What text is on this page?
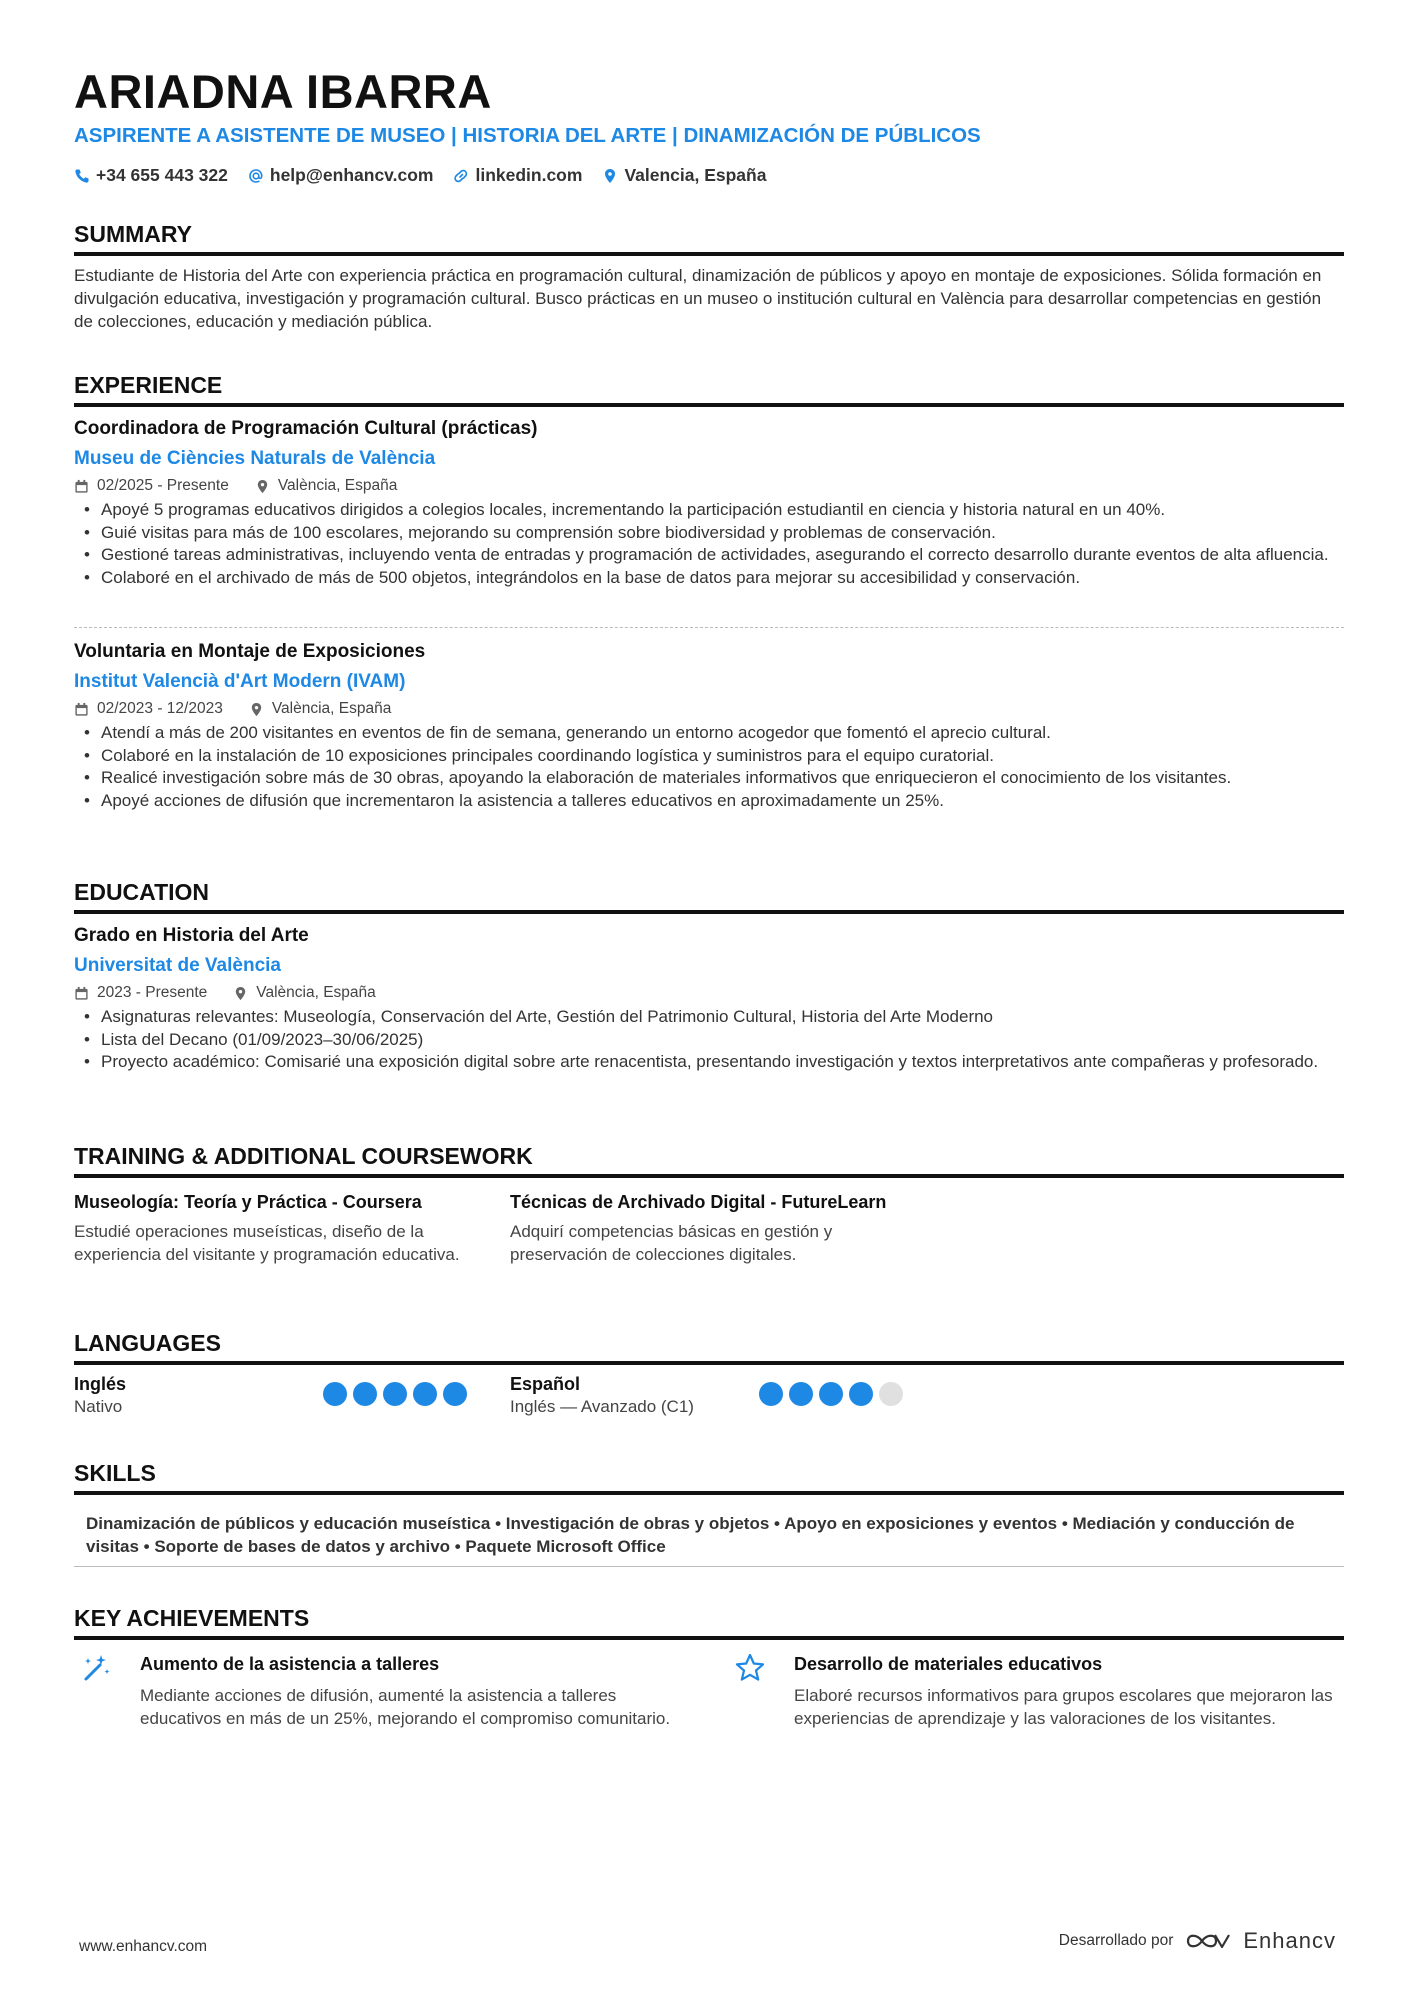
ARIADNA IBARRA
ASPIRENTE A ASISTENTE DE MUSEO | HISTORIA DEL ARTE | DINAMIZACIÓN DE PÚBLICOS
+34 655 443 322 help@enhancv.com linkedin.com Valencia, España
SUMMARY
Estudiante de Historia del Arte con experiencia práctica en programación cultural, dinamización de públicos y apoyo en montaje de exposiciones. Sólida formación en divulgación educativa, investigación y programación cultural. Busco prácticas en un museo o institución cultural en València para desarrollar competencias en gestión de colecciones, educación y mediación pública.
EXPERIENCE
Coordinadora de Programación Cultural (prácticas)
Museu de Ciències Naturals de València
02/2025 - Presente	València, España
• Apoyé 5 programas educativos dirigidos a colegios locales, incrementando la participación estudiantil en ciencia y historia natural en un 40%.
• Guié visitas para más de 100 escolares, mejorando su comprensión sobre biodiversidad y problemas de conservación.
• Gestioné tareas administrativas, incluyendo venta de entradas y programación de actividades, asegurando el correcto desarrollo durante eventos de alta afluencia.
• Colaboré en el archivado de más de 500 objetos, integrándolos en la base de datos para mejorar su accesibilidad y conservación.
Voluntaria en Montaje de Exposiciones
Institut Valencià d'Art Modern (IVAM)
02/2023 - 12/2023	València, España
• Atendí a más de 200 visitantes en eventos de fin de semana, generando un entorno acogedor que fomentó el aprecio cultural.
• Colaboré en la instalación de 10 exposiciones principales coordinando logística y suministros para el equipo curatorial.
• Realicé investigación sobre más de 30 obras, apoyando la elaboración de materiales informativos que enriquecieron el conocimiento de los visitantes.
• Apoyé acciones de difusión que incrementaron la asistencia a talleres educativos en aproximadamente un 25%.
EDUCATION
Grado en Historia del Arte
Universitat de València
2023 - Presente	València, España
• Asignaturas relevantes: Museología, Conservación del Arte, Gestión del Patrimonio Cultural, Historia del Arte Moderno
• Lista del Decano (01/09/2023–30/06/2025)
• Proyecto académico: Comisarié una exposición digital sobre arte renacentista, presentando investigación y textos interpretativos ante compañeras y profesorado.
TRAINING & ADDITIONAL COURSEWORK
Museología: Teoría y Práctica - Coursera
Estudié operaciones museísticas, diseño de la experiencia del visitante y programación educativa.
Técnicas de Archivado Digital - FutureLearn
Adquirí competencias básicas en gestión y preservación de colecciones digitales.
LANGUAGES
Inglés
Nativo
Español
Inglés — Avanzado (C1)
SKILLS
Dinamización de públicos y educación museística • Investigación de obras y objetos • Apoyo en exposiciones y eventos • Mediación y conducción de visitas • Soporte de bases de datos y archivo • Paquete Microsoft Office
KEY ACHIEVEMENTS
Aumento de la asistencia a talleres
Mediante acciones de difusión, aumenté la asistencia a talleres educativos en más de un 25%, mejorando el compromiso comunitario.
Desarrollo de materiales educativos
Elaboré recursos informativos para grupos escolares que mejoraron las experiencias de aprendizaje y las valoraciones de los visitantes.
www.enhancv.com	Desarrollado por	Enhancv
